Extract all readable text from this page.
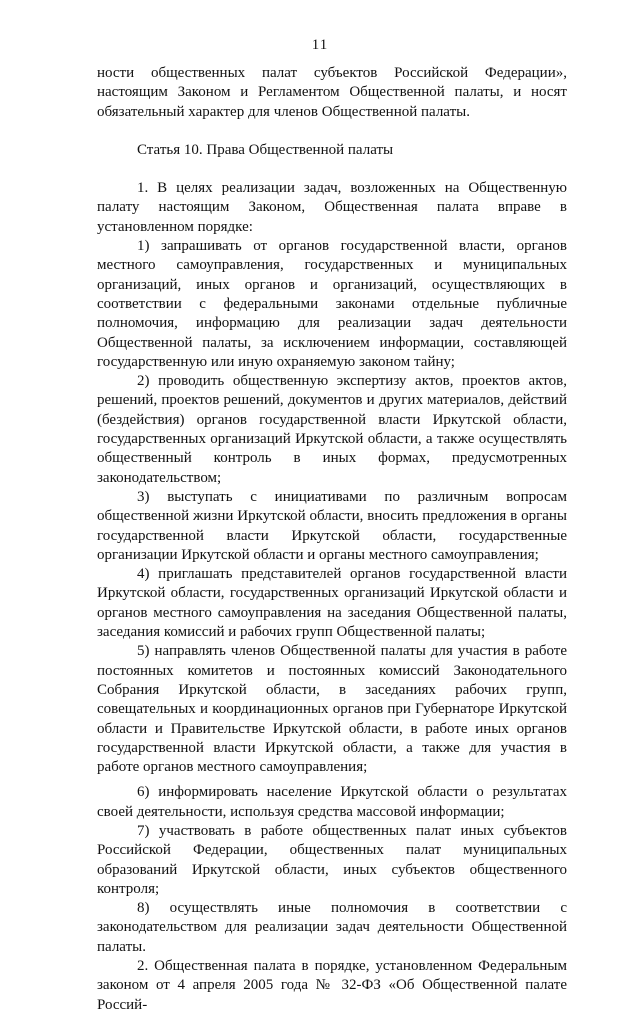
11

ности общественных палат субъектов Российской Федерации», настоящим Законом и Регламентом Общественной палаты, и носят обязательный характер для членов Общественной палаты.

Статья 10. Права Общественной палаты

1. В целях реализации задач, возложенных на Общественную палату настоящим Законом, Общественная палата вправе в установленном порядке:

1) запрашивать от органов государственной власти, органов местного самоуправления, государственных и муниципальных организаций, иных органов и организаций, осуществляющих в соответствии с федеральными законами отдельные публичные полномочия, информацию для реализации задач деятельности Общественной палаты, за исключением информации, составляющей государственную или иную охраняемую законом тайну;

2) проводить общественную экспертизу актов, проектов актов, решений, проектов решений, документов и других материалов, действий (бездействия) органов государственной власти Иркутской области, государственных организаций Иркутской области, а также осуществлять общественный контроль в иных формах, предусмотренных законодательством;

3) выступать с инициативами по различным вопросам общественной жизни Иркутской области, вносить предложения в органы государственной власти Иркутской области, государственные организации Иркутской области и органы местного самоуправления;

4) приглашать представителей органов государственной власти Иркутской области, государственных организаций Иркутской области и органов местного самоуправления на заседания Общественной палаты, заседания комиссий и рабочих групп Общественной палаты;

5) направлять членов Общественной палаты для участия в работе постоянных комитетов и постоянных комиссий Законодательного Собрания Иркутской области, в заседаниях рабочих групп, совещательных и координационных органов при Губернаторе Иркутской области и Правительстве Иркутской области, в работе иных органов государственной власти Иркутской области, а также для участия в работе органов местного самоуправления;

6) информировать население Иркутской области о результатах своей деятельности, используя средства массовой информации;

7) участвовать в работе общественных палат иных субъектов Российской Федерации, общественных палат муниципальных образований Иркутской области, иных субъектов общественного контроля;

8) осуществлять иные полномочия в соответствии с законодательством для реализации задач деятельности Общественной палаты.

2. Общественная палата в порядке, установленном Федеральным законом от 4 апреля 2005 года № 32-ФЗ «Об Общественной палате Россий-
